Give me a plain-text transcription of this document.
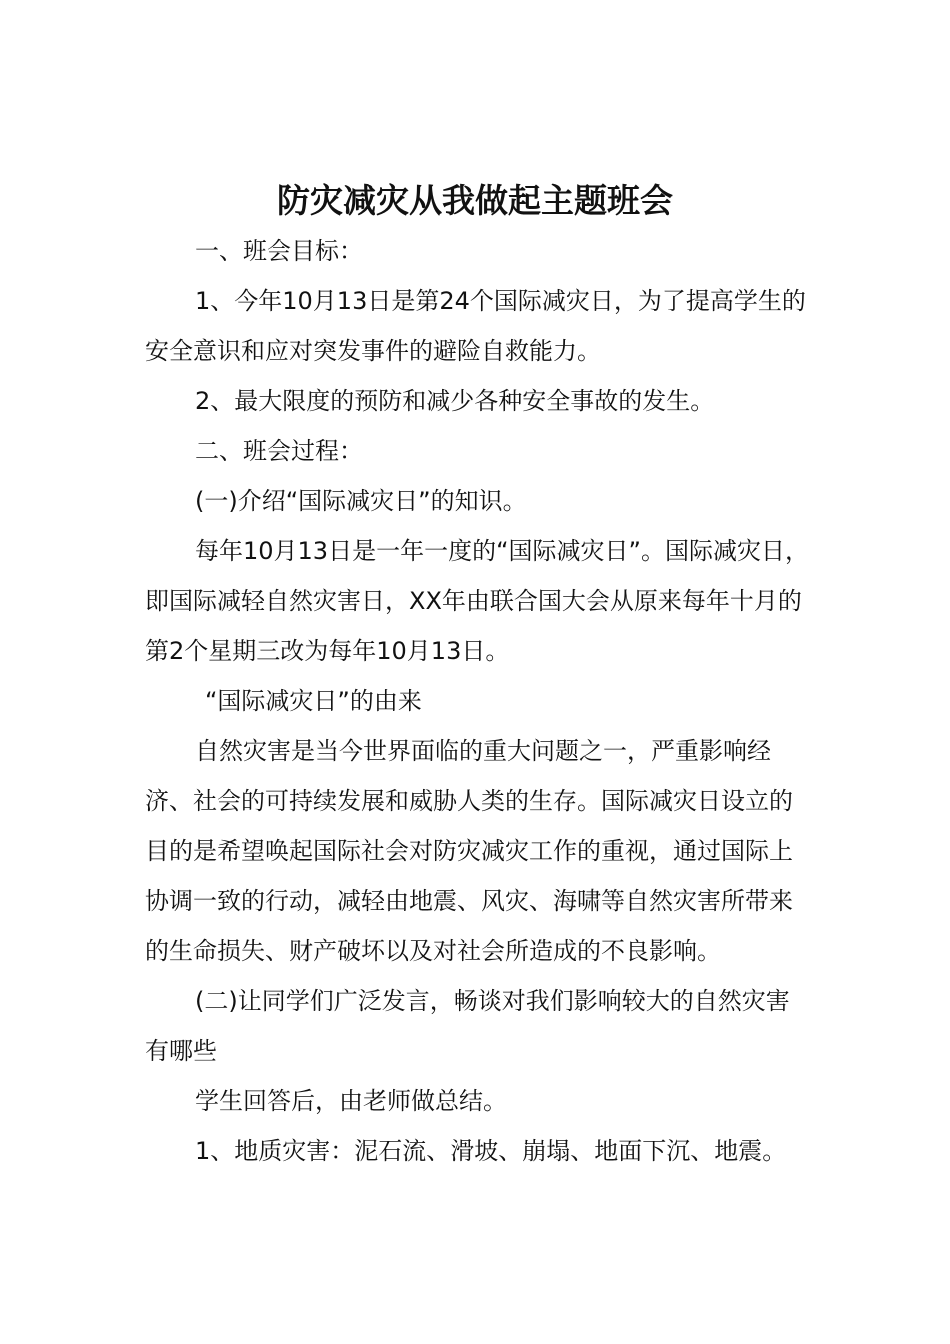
防灾减灾从我做起主题班会

一、班会目标：

1、今年10月13日是第24个国际减灾日，为了提高学生的安全意识和应对突发事件的避险自救能力。

2、最大限度的预防和减少各种安全事故的发生。

二、班会过程：

(一)介绍“国际减灾日”的知识。

每年10月13日是一年一度的“国际减灾日”。国际减灾日，即国际减轻自然灾害日，XX年由联合国大会从原来每年十月的第2个星期三改为每年10月13日。

“国际减灾日”的由来

自然灾害是当今世界面临的重大问题之一，严重影响经济、社会的可持续发展和威胁人类的生存。国际减灾日设立的目的是希望唤起国际社会对防灾减灾工作的重视，通过国际上协调一致的行动，减轻由地震、风灾、海啸等自然灾害所带来的生命损失、财产破坏以及对社会所造成的不良影响。

(二)让同学们广泛发言，畅谈对我们影响较大的自然灾害有哪些

学生回答后，由老师做总结。

1、地质灾害：泥石流、滑坡、崩塌、地面下沉、地震。
